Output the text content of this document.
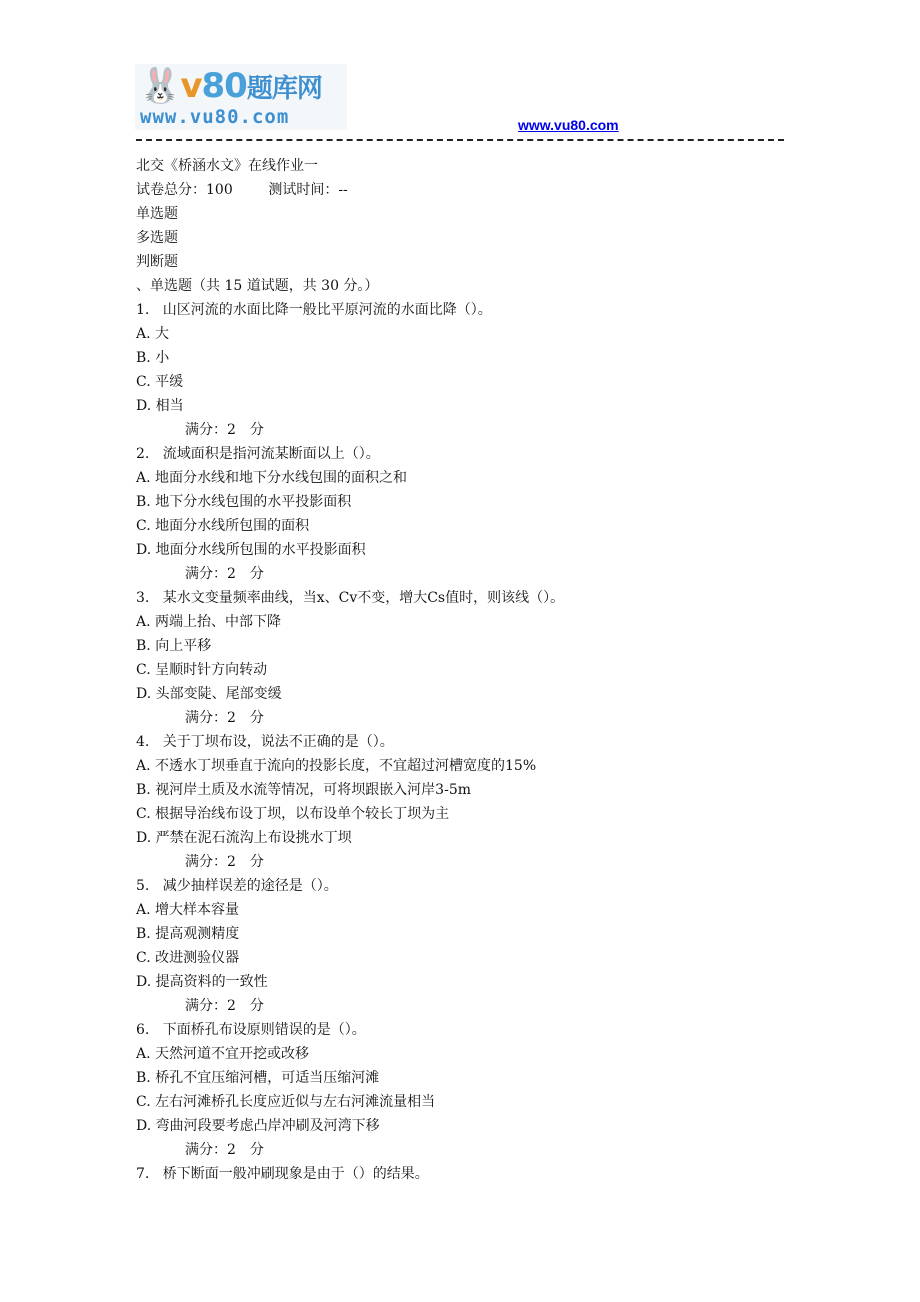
🐰v80题库网
www.vu80.com	www.vu80.com
北交《桥涵水文》在线作业一
试卷总分：100        测试时间：--
单选题
多选题
判断题
、单选题（共 15 道试题，共 30 分。）
1.   山区河流的水面比降一般比平原河流的水面比降（）。
A. 大
B. 小
C. 平缓
D. 相当
满分：2　分
2.   流域面积是指河流某断面以上（）。
A. 地面分水线和地下分水线包围的面积之和
B. 地下分水线包围的水平投影面积
C. 地面分水线所包围的面积
D. 地面分水线所包围的水平投影面积
满分：2　分
3.   某水文变量频率曲线，当x、Cv不变，增大Cs值时，则该线（）。
A. 两端上抬、中部下降
B. 向上平移
C. 呈顺时针方向转动
D. 头部变陡、尾部变缓
满分：2　分
4.   关于丁坝布设，说法不正确的是（）。
A. 不透水丁坝垂直于流向的投影长度，不宜超过河槽宽度的15%
B. 视河岸土质及水流等情况，可将坝跟嵌入河岸3-5m
C. 根据导治线布设丁坝，以布设单个较长丁坝为主
D. 严禁在泥石流沟上布设挑水丁坝
满分：2　分
5.   减少抽样误差的途径是（）。
A. 增大样本容量
B. 提高观测精度
C. 改进测验仪器
D. 提高资料的一致性
满分：2　分
6.   下面桥孔布设原则错误的是（）。
A. 天然河道不宜开挖或改移
B. 桥孔不宜压缩河槽，可适当压缩河滩
C. 左右河滩桥孔长度应近似与左右河滩流量相当
D. 弯曲河段要考虑凸岸冲刷及河湾下移
满分：2　分
7.   桥下断面一般冲刷现象是由于（）的结果。
